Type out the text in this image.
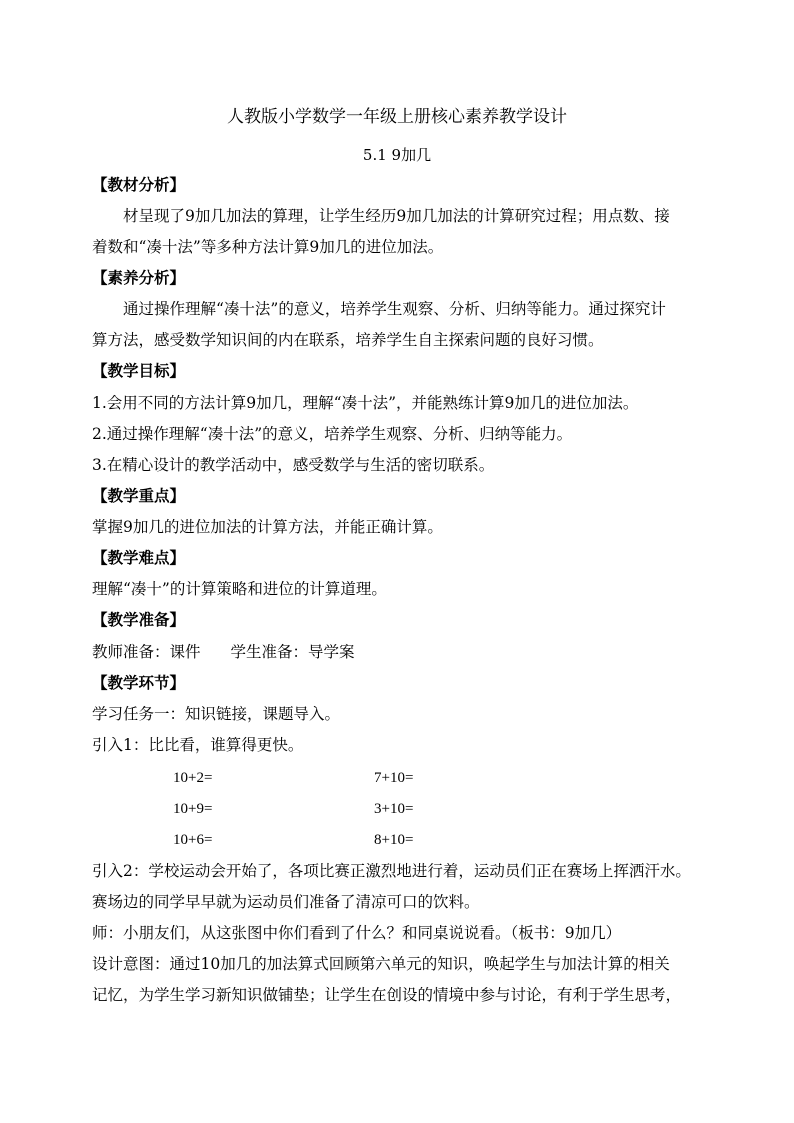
人教版小学数学一年级上册核心素养教学设计
5.1 9加几
【教材分析】
材呈现了9加几加法的算理，让学生经历9加几加法的计算研究过程；用点数、接
着数和“凑十法”等多种方法计算9加几的进位加法。
【素养分析】
通过操作理解“凑十法”的意义，培养学生观察、分析、归纳等能力。通过探究计
算方法，感受数学知识间的内在联系，培养学生自主探索问题的良好习惯。
【教学目标】
1.会用不同的方法计算9加几，理解“凑十法”，并能熟练计算9加几的进位加法。
2.通过操作理解“凑十法”的意义，培养学生观察、分析、归纳等能力。
3.在精心设计的教学活动中，感受数学与生活的密切联系。
【教学重点】
掌握9加几的进位加法的计算方法，并能正确计算。
【教学难点】
理解“凑十”的计算策略和进位的计算道理。
【教学准备】
教师准备：课件 学生准备：导学案
【教学环节】
学习任务一：知识链接，课题导入。
引入1：比比看，谁算得更快。
10+2=	7+10=
10+9=	3+10=
10+6=	8+10=
引入2：学校运动会开始了，各项比赛正激烈地进行着，运动员们正在赛场上挥洒汗水。
赛场边的同学早早就为运动员们准备了清凉可口的饮料。
师：小朋友们，从这张图中你们看到了什么？和同桌说说看。（板书：9加几）
设计意图：通过10加几的加法算式回顾第六单元的知识，唤起学生与加法计算的相关
记忆，为学生学习新知识做铺垫；让学生在创设的情境中参与讨论，有利于学生思考，
